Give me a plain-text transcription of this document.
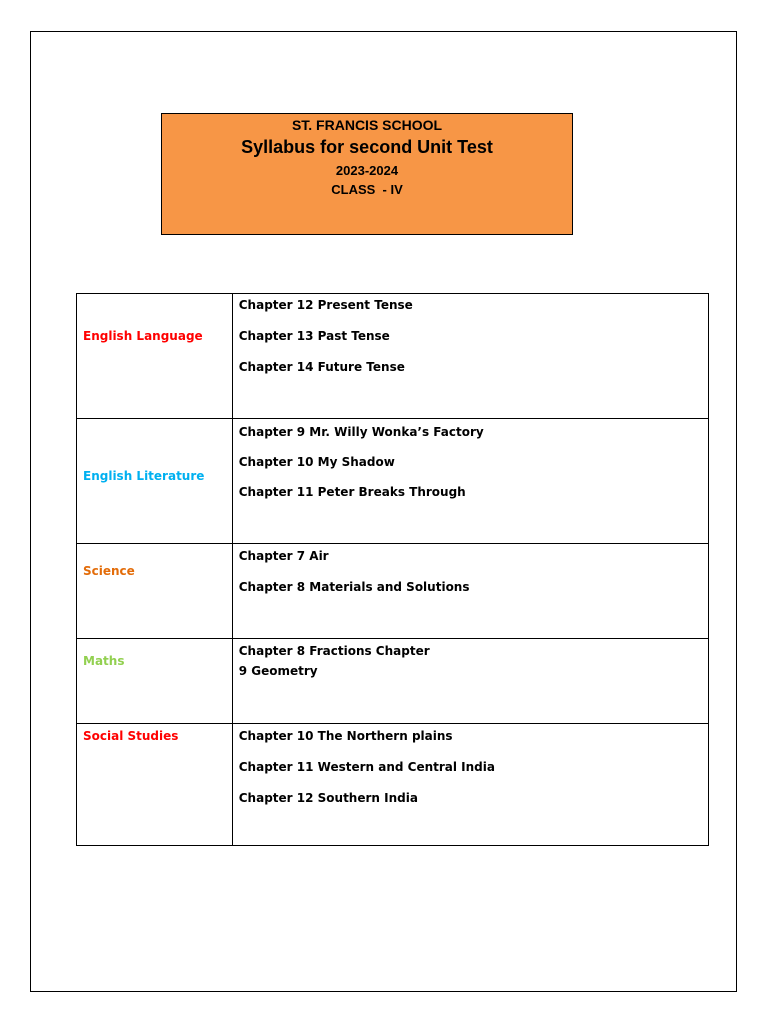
ST. FRANCIS SCHOOL
Syllabus for second Unit Test
2023-2024
CLASS  - IV
English Language	Chapter 12 Present Tense
Chapter 13 Past Tense
Chapter 14 Future Tense

English Literature	Chapter 9 Mr. Willy Wonka’s Factory
Chapter 10 My Shadow
Chapter 11 Peter Breaks Through

Science	Chapter 7 Air
Chapter 8 Materials and Solutions

Maths	Chapter 8 Fractions Chapter 9 Geometry

Social Studies	Chapter 10 The Northern plains
Chapter 11 Western and Central India
Chapter 12 Southern India
